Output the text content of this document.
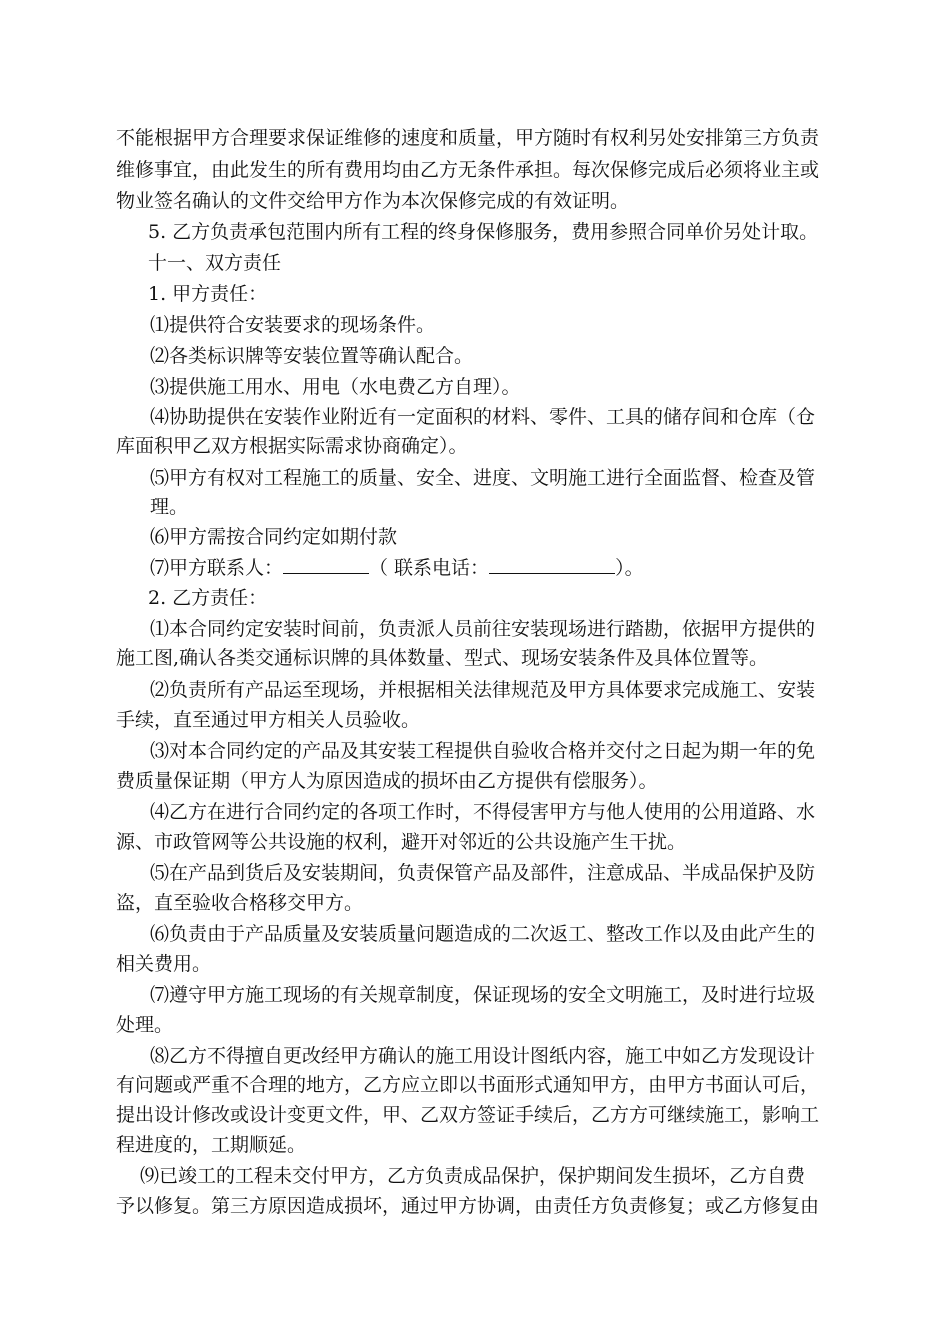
不能根据甲方合理要求保证维修的速度和质量，甲方随时有权利另处安排第三方负责
维修事宜，由此发生的所有费用均由乙方无条件承担。每次保修完成后必须将业主或
物业签名确认的文件交给甲方作为本次保修完成的有效证明。
5. 乙方负责承包范围内所有工程的终身保修服务，费用参照合同单价另处计取。
十一、双方责任
1. 甲方责任：
⑴提供符合安装要求的现场条件。
⑵各类标识牌等安装位置等确认配合。
⑶提供施工用水、用电（水电费乙方自理）。
⑷协助提供在安装作业附近有一定面积的材料、零件、工具的储存间和仓库（仓
库面积甲乙双方根据实际需求协商确定）。
⑸甲方有权对工程施工的质量、安全、进度、文明施工进行全面监督、检查及管
理。
⑹甲方需按合同约定如期付款
⑺甲方联系人：	（ 联系电话：	）。
2. 乙方责任：
⑴本合同约定安装时间前，负责派人员前往安装现场进行踏勘，依据甲方提供的
施工图,确认各类交通标识牌的具体数量、型式、现场安装条件及具体位置等。
⑵负责所有产品运至现场，并根据相关法律规范及甲方具体要求完成施工、安装
手续，直至通过甲方相关人员验收。
⑶对本合同约定的产品及其安装工程提供自验收合格并交付之日起为期一年的免
费质量保证期（甲方人为原因造成的损坏由乙方提供有偿服务）。
⑷乙方在进行合同约定的各项工作时，不得侵害甲方与他人使用的公用道路、水
源、市政管网等公共设施的权利，避开对邻近的公共设施产生干扰。
⑸在产品到货后及安装期间，负责保管产品及部件，注意成品、半成品保护及防
盗，直至验收合格移交甲方。
⑹负责由于产品质量及安装质量问题造成的二次返工、整改工作以及由此产生的
相关费用。
⑺遵守甲方施工现场的有关规章制度，保证现场的安全文明施工，及时进行垃圾
处理。
⑻乙方不得擅自更改经甲方确认的施工用设计图纸内容，施工中如乙方发现设计
有问题或严重不合理的地方，乙方应立即以书面形式通知甲方，由甲方书面认可后，
提出设计修改或设计变更文件，甲、乙双方签证手续后，乙方方可继续施工，影响工
程进度的，工期顺延。
⑼已竣工的工程未交付甲方，乙方负责成品保护，保护期间发生损坏，乙方自费
予以修复。第三方原因造成损坏，通过甲方协调，由责任方负责修复；或乙方修复由
